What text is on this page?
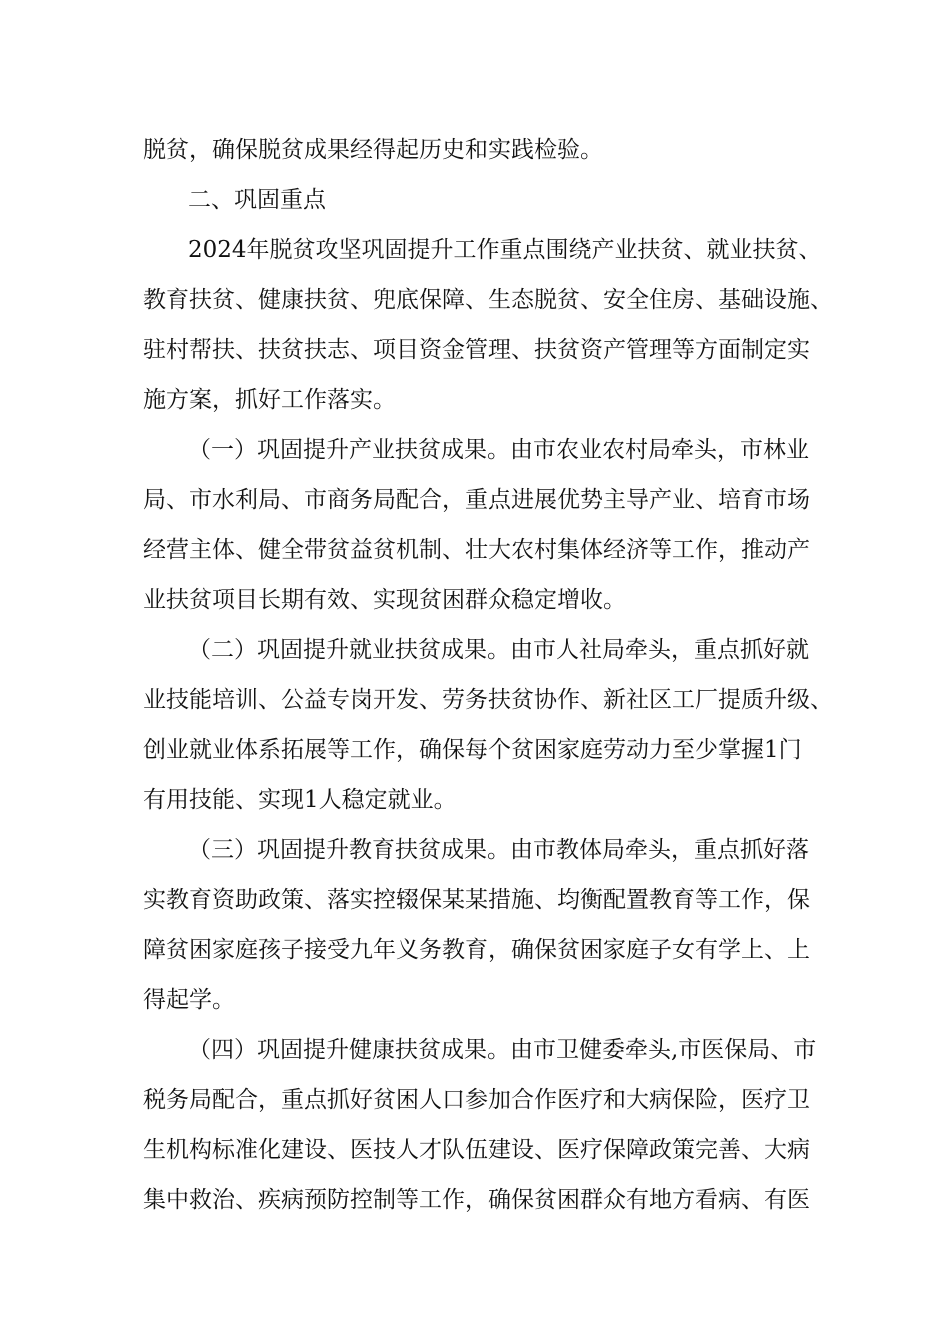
脱贫，确保脱贫成果经得起历史和实践检验。
二、巩固重点
2024年脱贫攻坚巩固提升工作重点围绕产业扶贫、就业扶贫、
教育扶贫、健康扶贫、兜底保障、生态脱贫、安全住房、基础设施、
驻村帮扶、扶贫扶志、项目资金管理、扶贫资产管理等方面制定实
施方案，抓好工作落实。
（一）巩固提升产业扶贫成果。由市农业农村局牵头，市林业
局、市水利局、市商务局配合，重点进展优势主导产业、培育市场
经营主体、健全带贫益贫机制、壮大农村集体经济等工作，推动产
业扶贫项目长期有效、实现贫困群众稳定增收。
（二）巩固提升就业扶贫成果。由市人社局牵头，重点抓好就
业技能培训、公益专岗开发、劳务扶贫协作、新社区工厂提质升级、
创业就业体系拓展等工作，确保每个贫困家庭劳动力至少掌握1门
有用技能、实现1人稳定就业。
（三）巩固提升教育扶贫成果。由市教体局牵头，重点抓好落
实教育资助政策、落实控辍保某某措施、均衡配置教育等工作，保
障贫困家庭孩子接受九年义务教育，确保贫困家庭子女有学上、上
得起学。
（四）巩固提升健康扶贫成果。由市卫健委牵头,市医保局、市
税务局配合，重点抓好贫困人口参加合作医疗和大病保险，医疗卫
生机构标准化建设、医技人才队伍建设、医疗保障政策完善、大病
集中救治、疾病预防控制等工作，确保贫困群众有地方看病、有医
